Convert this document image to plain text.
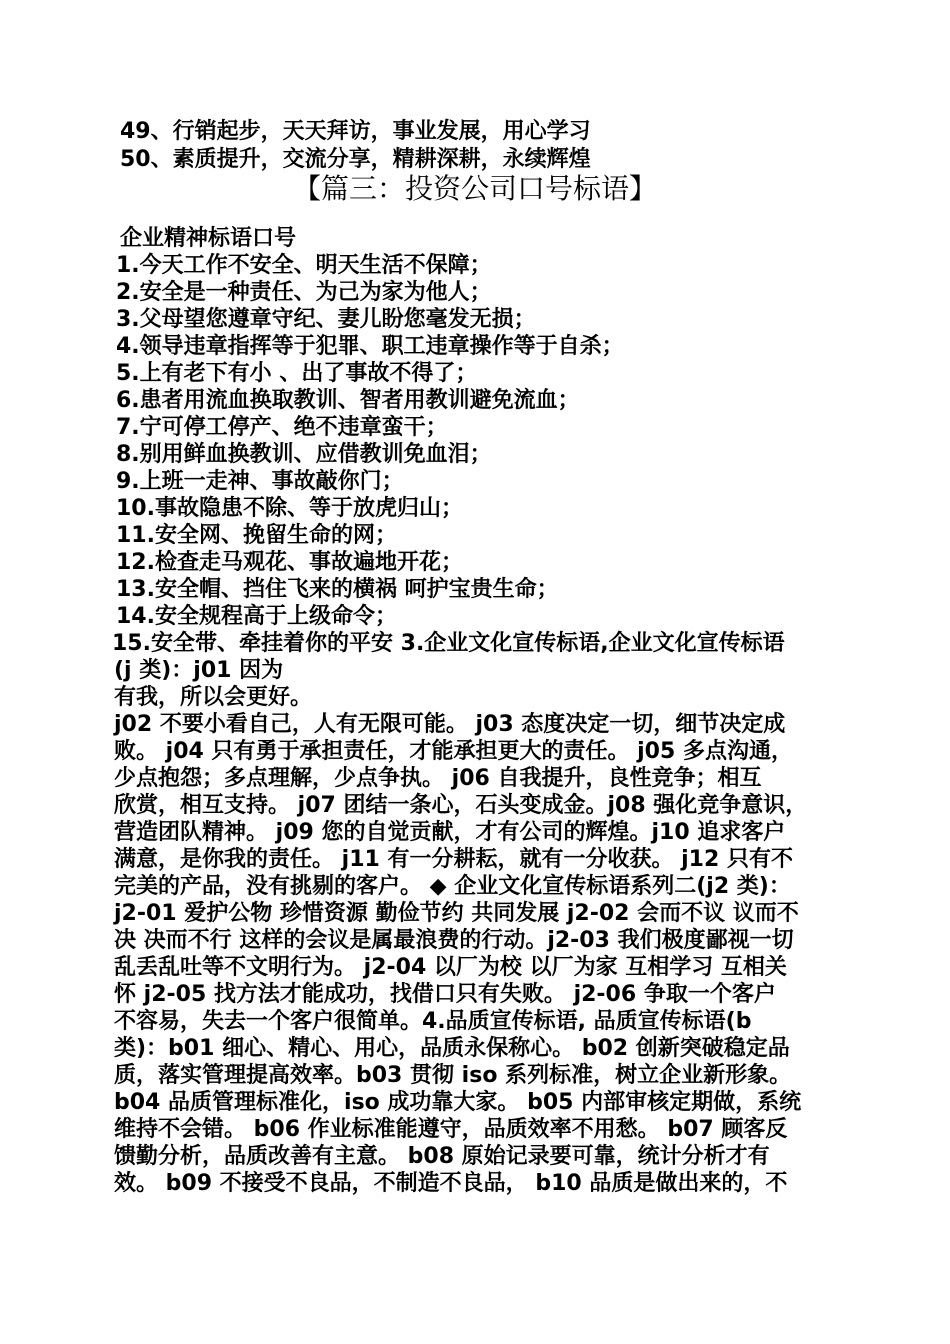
49、行销起步，天天拜访，事业发展，用心学习
50、素质提升，交流分享，精耕深耕，永续辉煌
【篇三：投资公司口号标语】
企业精神标语口号
1.今天工作不安全、明天生活不保障；
2.安全是一种责任、为己为家为他人；
3.父母望您遵章守纪、妻儿盼您毫发无损；
4.领导违章指挥等于犯罪、职工违章操作等于自杀；
5.上有老下有小 、出了事故不得了；
6.患者用流血换取教训、智者用教训避免流血；
7.宁可停工停产、绝不违章蛮干；
8.别用鲜血换教训、应借教训免血泪；
9.上班一走神、事故敲你门；
10.事故隐患不除、等于放虎归山；
11.安全网、挽留生命的网；
12.检查走马观花、事故遍地开花；
13.安全帽、挡住飞来的横祸 呵护宝贵生命；
14.安全规程高于上级命令；
15.安全带、牵挂着你的平安 3.企业文化宣传标语,企业文化宣传标语
(j 类)：j01 因为
有我，所以会更好。
j02 不要小看自己，人有无限可能。 j03 态度决定一切，细节决定成
败。 j04 只有勇于承担责任，才能承担更大的责任。 j05 多点沟通，
少点抱怨；多点理解，少点争执。 j06 自我提升，良性竞争；相互
欣赏，相互支持。 j07 团结一条心，石头变成金。j08 强化竞争意识，
营造团队精神。 j09 您的自觉贡献，才有公司的辉煌。j10 追求客户
满意，是你我的责任。 j11 有一分耕耘，就有一分收获。 j12 只有不
完美的产品，没有挑剔的客户。 ◆ 企业文化宣传标语系列二(j2 类)：
j2-01 爱护公物 珍惜资源 勤俭节约 共同发展 j2-02 会而不议 议而不
决 决而不行 这样的会议是属最浪费的行动。j2-03 我们极度鄙视一切
乱丢乱吐等不文明行为。 j2-04 以厂为校 以厂为家 互相学习 互相关
怀 j2-05 找方法才能成功，找借口只有失败。 j2-06 争取一个客户
不容易，失去一个客户很简单。4.品质宣传标语, 品质宣传标语(b
类)：b01 细心、精心、用心，品质永保称心。 b02 创新突破稳定品
质，落实管理提高效率。b03 贯彻 iso 系列标准，树立企业新形象。
b04 品质管理标准化，iso 成功靠大家。 b05 内部审核定期做，系统
维持不会错。 b06 作业标准能遵守，品质效率不用愁。 b07 顾客反
馈勤分析，品质改善有主意。 b08 原始记录要可靠，统计分析才有
效。 b09 不接受不良品，不制造不良品， b10 品质是做出来的，不
